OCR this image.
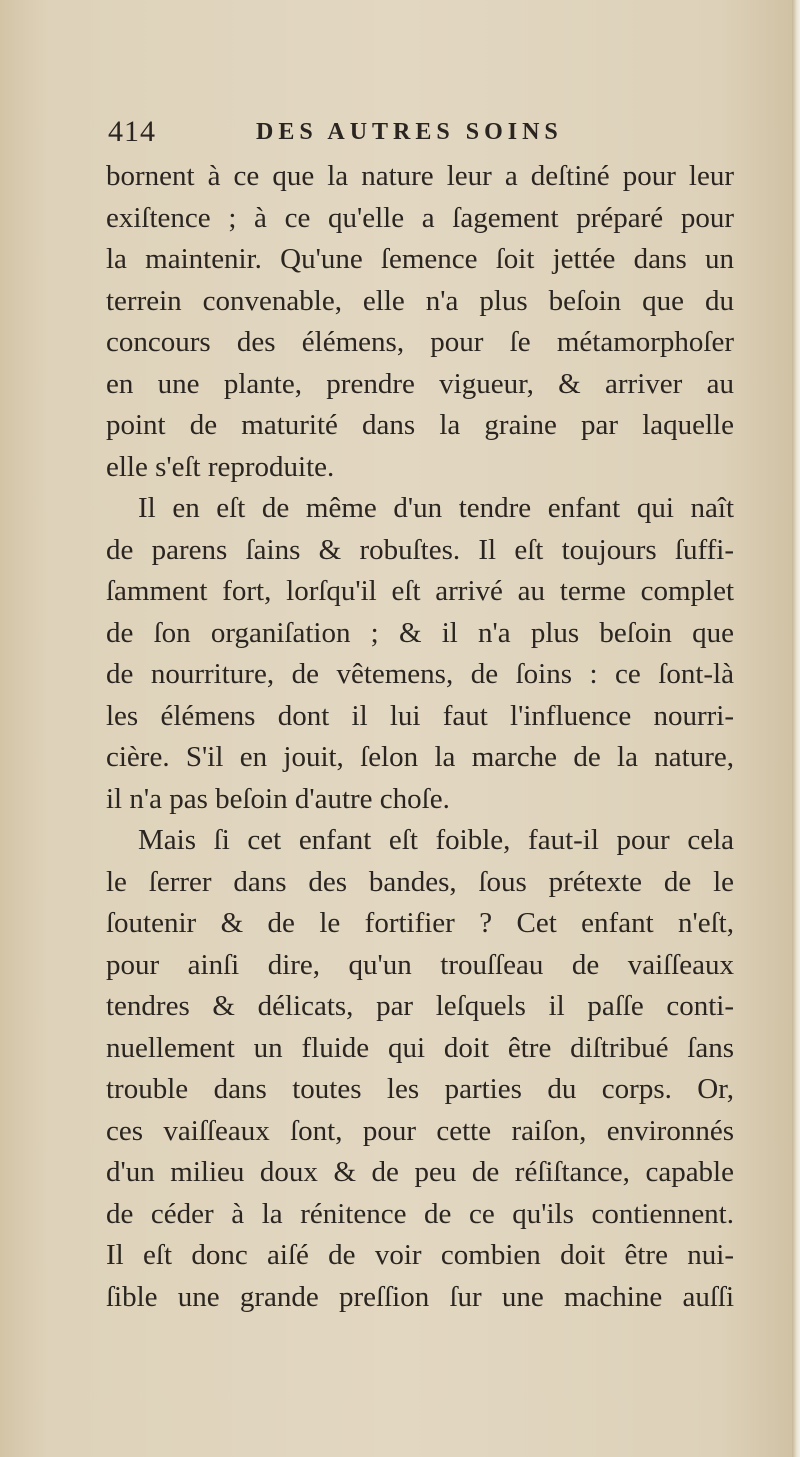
414	DES AUTRES SOINS
bornent à ce que la nature leur a deſtiné pour leur
exiſtence ; à ce qu'elle a ſagement préparé pour
la maintenir. Qu'une ſemence ſoit jettée dans un
terrein convenable, elle n'a plus beſoin que du
concours des élémens, pour ſe métamorphoſer
en une plante, prendre vigueur, & arriver au
point de maturité dans la graine par laquelle
elle s'eſt reproduite.
Il en eſt de même d'un tendre enfant qui naît
de parens ſains & robuſtes. Il eſt toujours ſuffi-
ſamment fort, lorſqu'il eſt arrivé au terme complet
de ſon organiſation ; & il n'a plus beſoin que
de nourriture, de vêtemens, de ſoins : ce ſont-là
les élémens dont il lui faut l'influence nourri-
cière. S'il en jouit, ſelon la marche de la nature,
il n'a pas beſoin d'autre choſe.
Mais ſi cet enfant eſt foible, faut-il pour cela
le ſerrer dans des bandes, ſous prétexte de le
ſoutenir & de le fortifier ? Cet enfant n'eſt,
pour ainſi dire, qu'un trouſſeau de vaiſſeaux
tendres & délicats, par leſquels il paſſe conti-
nuellement un fluide qui doit être diſtribué ſans
trouble dans toutes les parties du corps. Or,
ces vaiſſeaux ſont, pour cette raiſon, environnés
d'un milieu doux & de peu de réſiſtance, capable
de céder à la rénitence de ce qu'ils contiennent.
Il eſt donc aiſé de voir combien doit être nui-
ſible une grande preſſion ſur une machine auſſi
